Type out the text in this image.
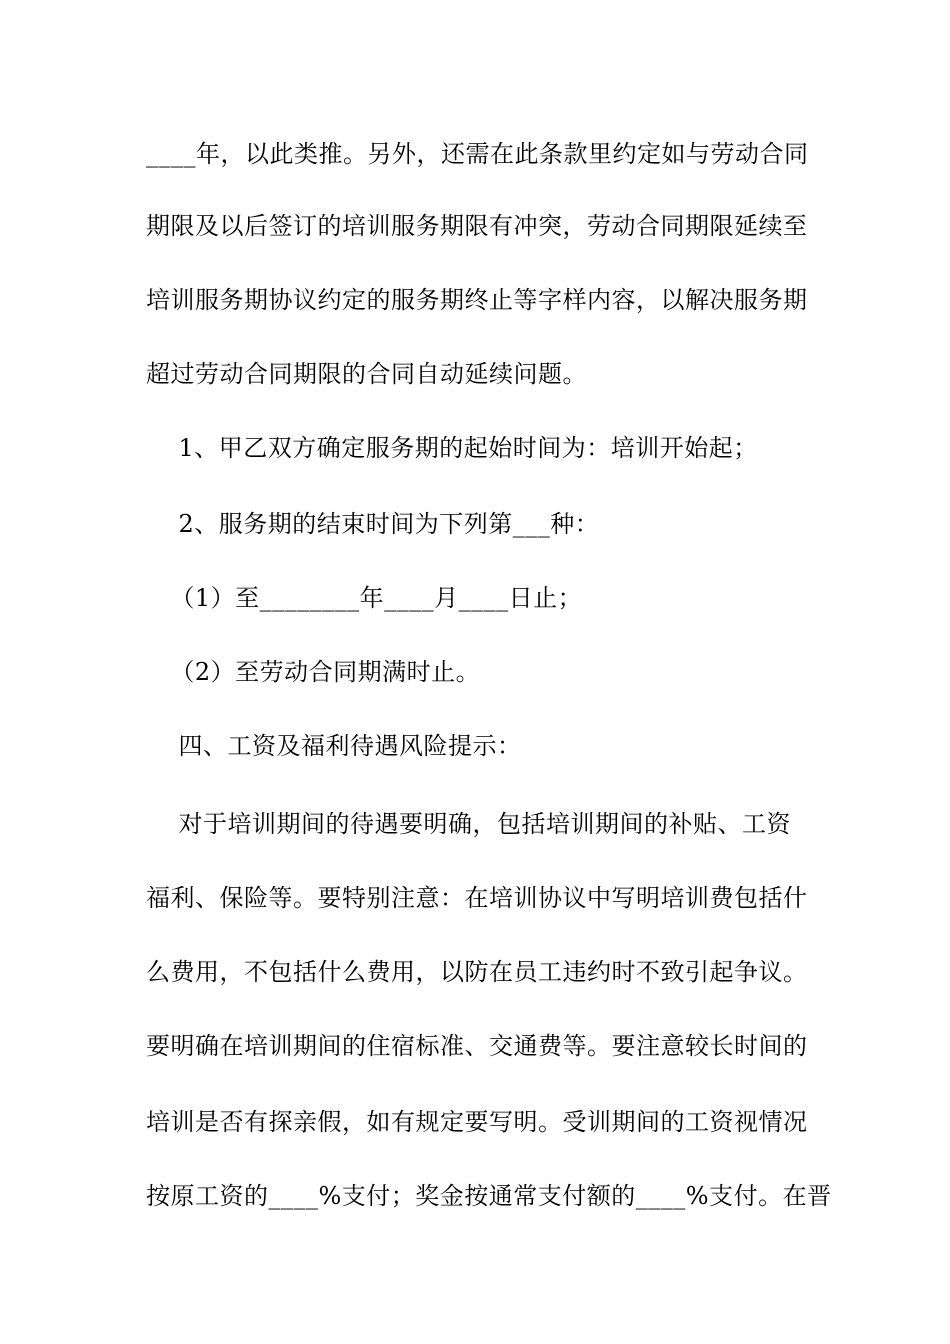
____年，以此类推。另外，还需在此条款里约定如与劳动合同
期限及以后签订的培训服务期限有冲突，劳动合同期限延续至
培训服务期协议约定的服务期终止等字样内容，以解决服务期
超过劳动合同期限的合同自动延续问题。
1、甲乙双方确定服务期的起始时间为：培训开始起；
2、服务期的结束时间为下列第___种：
（1）至________年____月____日止；
（2）至劳动合同期满时止。
四、工资及福利待遇风险提示：
对于培训期间的待遇要明确，包括培训期间的补贴、工资
福利、保险等。要特别注意：在培训协议中写明培训费包括什
么费用，不包括什么费用，以防在员工违约时不致引起争议。
要明确在培训期间的住宿标准、交通费等。要注意较长时间的
培训是否有探亲假，如有规定要写明。受训期间的工资视情况
按原工资的____%支付；奖金按通常支付额的____%支付。在晋
